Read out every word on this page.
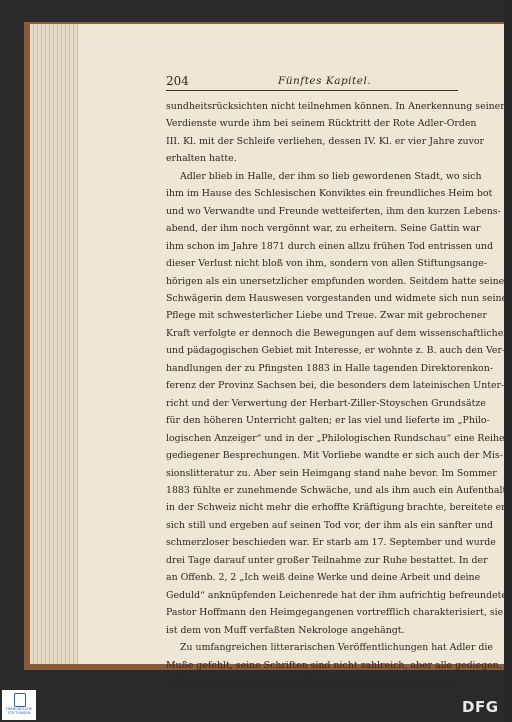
204	Fünftes Kapitel.
sundheitsrücksichten nicht teilnehmen können. In Anerkennung seiner
Verdienste wurde ihm bei seinem Rücktritt der Rote Adler-Orden
III. Kl. mit der Schleife verliehen, dessen IV. Kl. er vier Jahre zuvor
erhalten hatte.
Adler blieb in Halle, der ihm so lieb gewordenen Stadt, wo sich
ihm im Hause des Schlesischen Konviktes ein freundliches Heim bot
und wo Verwandte und Freunde wetteiferten, ihm den kurzen Lebens-
abend, der ihm noch vergönnt war, zu erheitern. Seine Gattin war
ihm schon im Jahre 1871 durch einen allzu frühen Tod entrissen und
dieser Verlust nicht bloß von ihm, sondern von allen Stiftungsange-
hörigen als ein unersetzlicher empfunden worden. Seitdem hatte seine
Schwägerin dem Hauswesen vorgestanden und widmete sich nun seiner
Pflege mit schwesterlicher Liebe und Treue. Zwar mit gebrochener
Kraft verfolgte er dennoch die Bewegungen auf dem wissenschaftlichen
und pädagogischen Gebiet mit Interesse, er wohnte z. B. auch den Ver-
handlungen der zu Pfingsten 1883 in Halle tagenden Direktorenkon-
ferenz der Provinz Sachsen bei, die besonders dem lateinischen Unter-
richt und der Verwertung der Herbart-Ziller-Stoyschen Grundsätze
für den höheren Unterricht galten; er las viel und lieferte im „Philo-
logischen Anzeiger“ und in der „Philologischen Rundschau“ eine Reihe
gediegener Besprechungen. Mit Vorliebe wandte er sich auch der Mis-
sionslitteratur zu. Aber sein Heimgang stand nahe bevor. Im Sommer
1883 fühlte er zunehmende Schwäche, und als ihm auch ein Aufenthalt
in der Schweiz nicht mehr die erhoffte Kräftigung brachte, bereitete er
sich still und ergeben auf seinen Tod vor, der ihm als ein sanfter und
schmerzloser beschieden war. Er starb am 17. September und wurde
drei Tage darauf unter großer Teilnahme zur Ruhe bestattet. In der
an Offenb. 2, 2 „Ich weiß deine Werke und deine Arbeit und deine
Geduld“ anknüpfenden Leichenrede hat der ihm aufrichtig befreundete
Pastor Hoffmann den Heimgegangenen vortrefflich charakterisiert, sie
ist dem von Muff verfaßten Nekrologe angehängt.
Zu umfangreichen litterarischen Veröffentlichungen hat Adler die
Muße gefehlt, seine Schriften sind nicht zahlreich, aber alle gediegen.
In Neustettin schrieb er das Programm Adversarien zur latei-
FRANCKESCHE STIFTUNGEN	DFG
